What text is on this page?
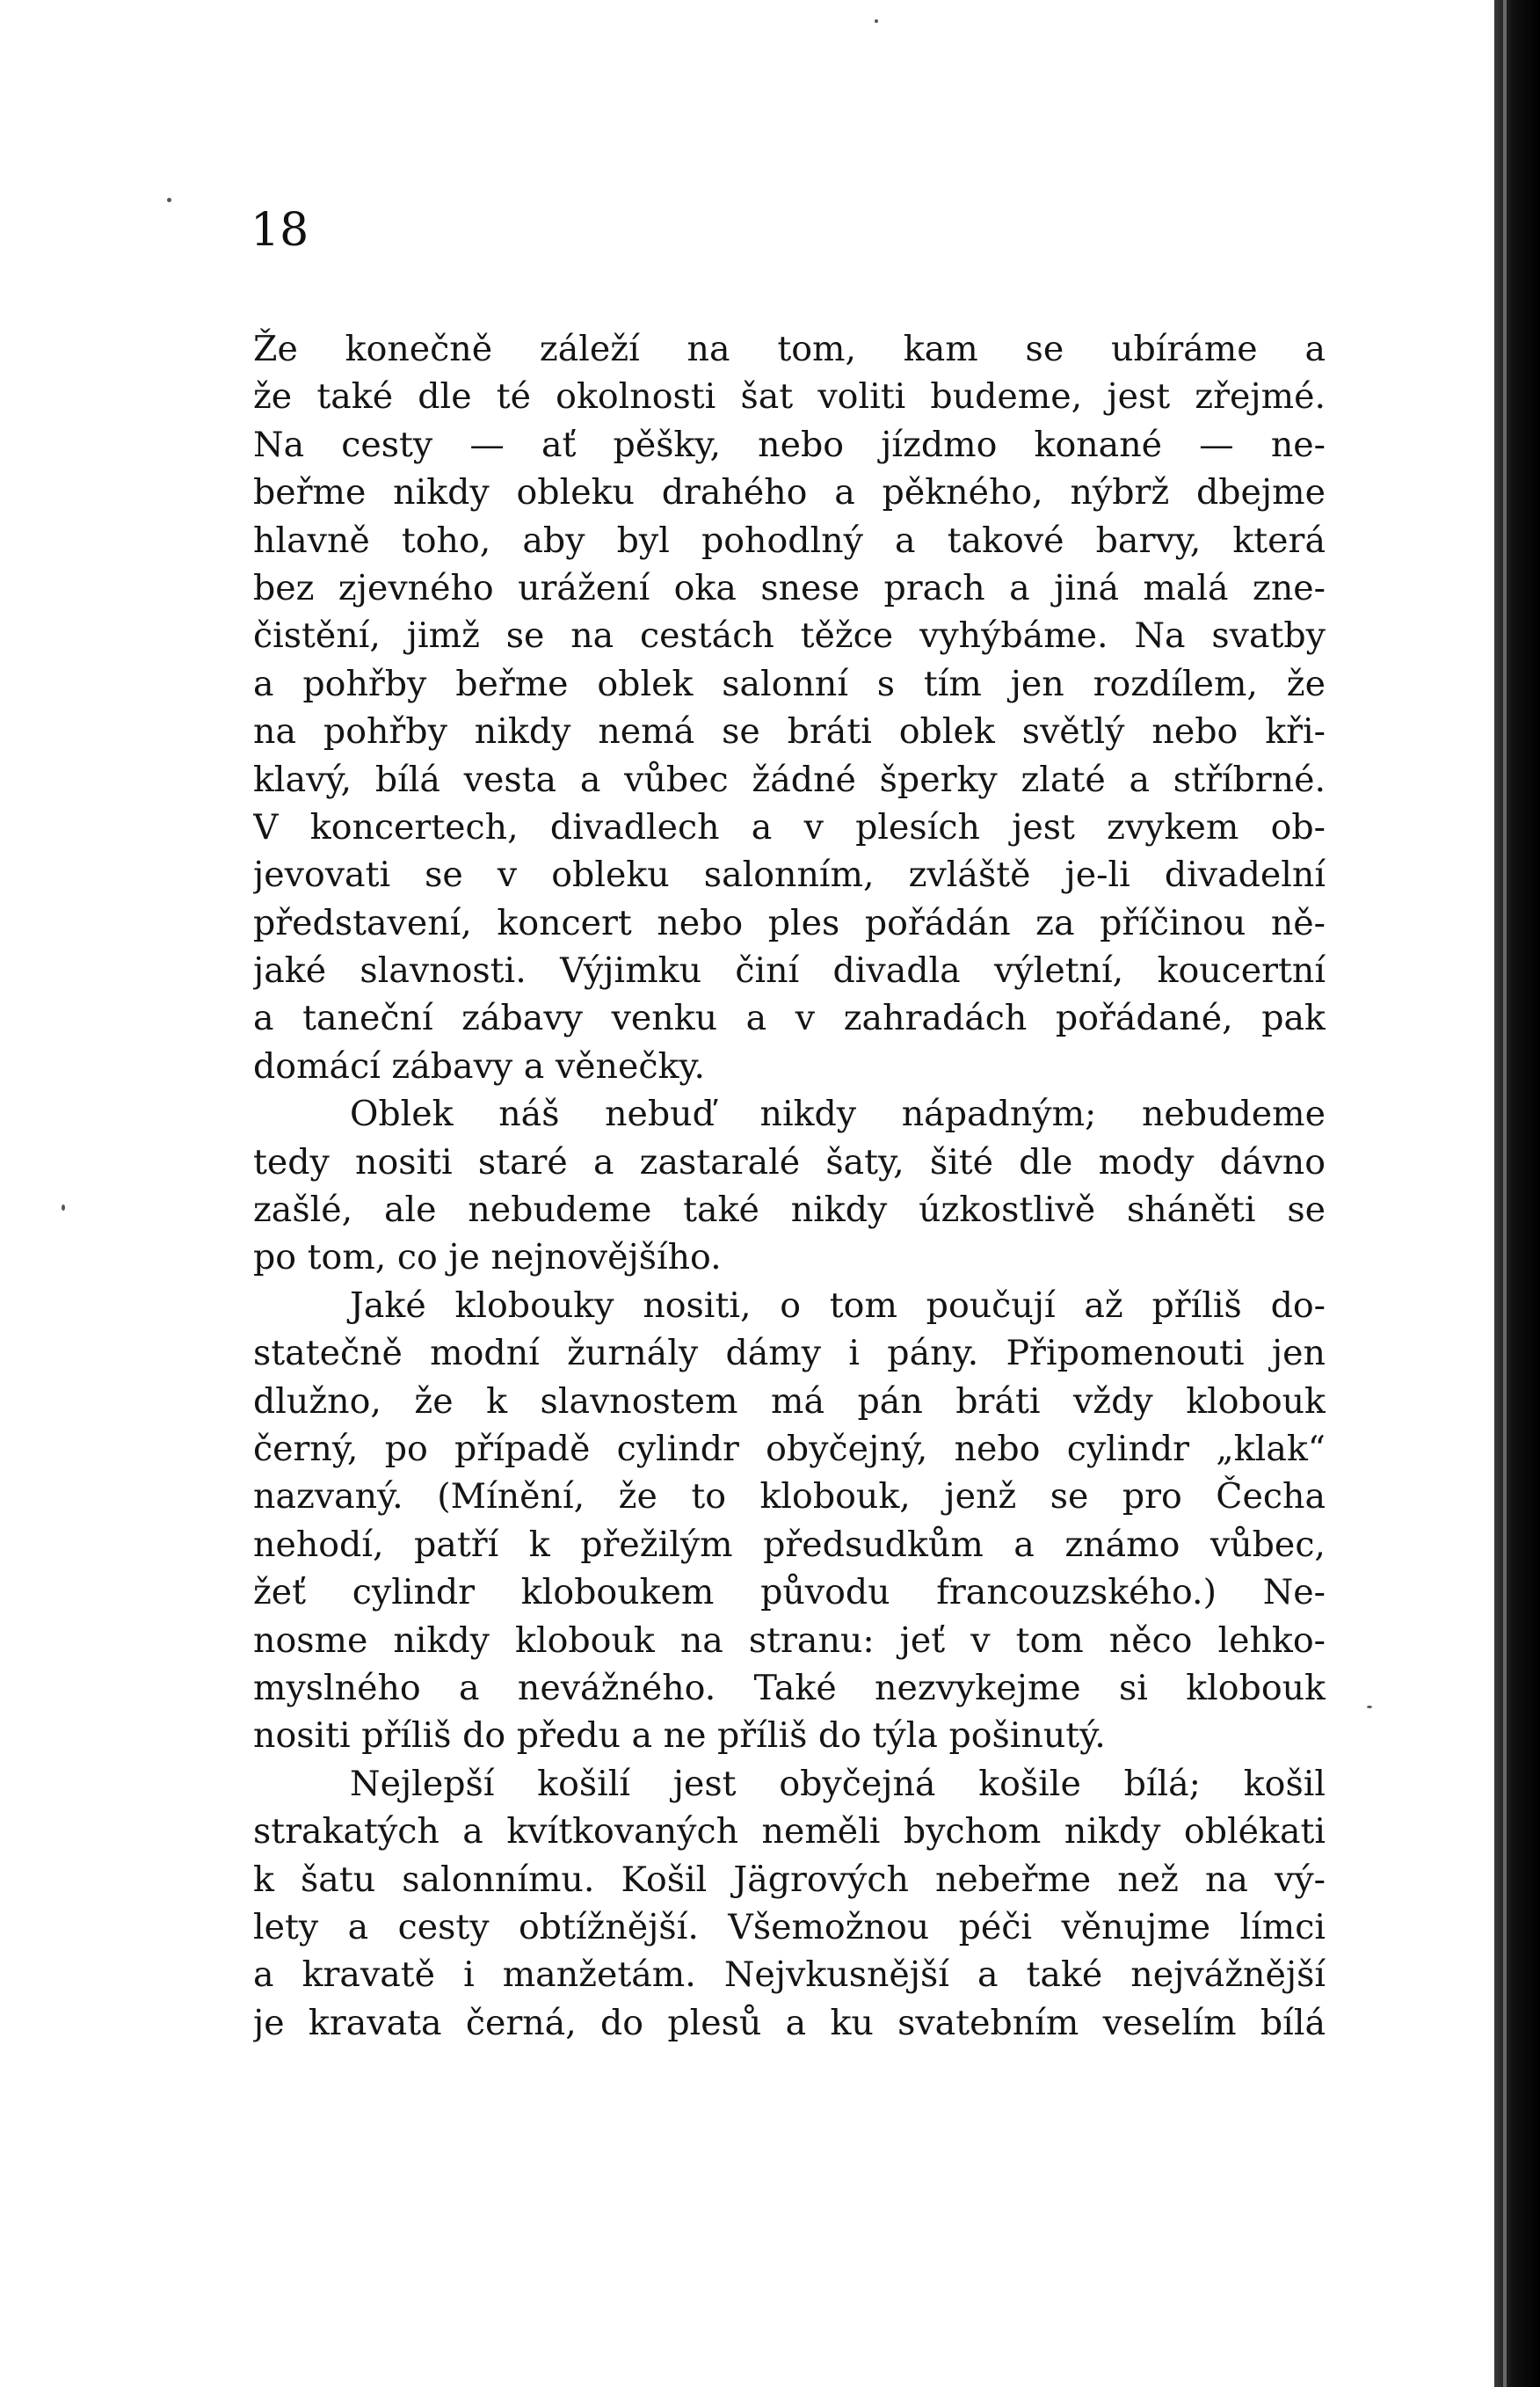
18

Že konečně záleží na tom, kam se ubíráme a
že také dle té okolnosti šat voliti budeme, jest zřejmé.
Na cesty — ať pěšky, nebo jízdmo konané — ne-
beřme nikdy obleku drahého a pěkného, nýbrž dbejme
hlavně toho, aby byl pohodlný a takové barvy, která
bez zjevného urážení oka snese prach a jiná malá zne-
čistění, jimž se na cestách těžce vyhýbáme. Na svatby
a pohřby beřme oblek salonní s tím jen rozdílem, že
na pohřby nikdy nemá se bráti oblek světlý nebo kři-
klavý, bílá vesta a vůbec žádné šperky zlaté a stříbrné.
V koncertech, divadlech a v plesích jest zvykem ob-
jevovati se v obleku salonním, zvláště je-li divadelní
představení, koncert nebo ples pořádán za příčinou ně-
jaké slavnosti. Výjimku činí divadla výletní, koucertní
a taneční zábavy venku a v zahradách pořádané, pak
domácí zábavy a věnečky.
Oblek náš nebuď nikdy nápadným; nebudeme
tedy nositi staré a zastaralé šaty, šité dle mody dávno
zašlé, ale nebudeme také nikdy úzkostlivě sháněti se
po tom, co je nejnovějšího.
Jaké klobouky nositi, o tom poučují až příliš do-
statečně modní žurnály dámy i pány. Připomenouti jen
dlužno, že k slavnostem má pán bráti vždy klobouk
černý, po případě cylindr obyčejný, nebo cylindr „klak“
nazvaný. (Mínění, že to klobouk, jenž se pro Čecha
nehodí, patří k přežilým předsudkům a známo vůbec,
žeť cylindr kloboukem původu francouzského.) Ne-
nosme nikdy klobouk na stranu: jeť v tom něco lehko-
myslného a nevážného. Také nezvykejme si klobouk
nositi příliš do předu a ne příliš do týla pošinutý.
Nejlepší košilí jest obyčejná košile bílá; košil
strakatých a kvítkovaných neměli bychom nikdy oblékati
k šatu salonnímu. Košil Jägrových nebeřme než na vý-
lety a cesty obtížnější. Všemožnou péči věnujme límci
a kravatě i manžetám. Nejvkusnější a také nejvážnější
je kravata černá, do plesů a ku svatebním veselím bílá
